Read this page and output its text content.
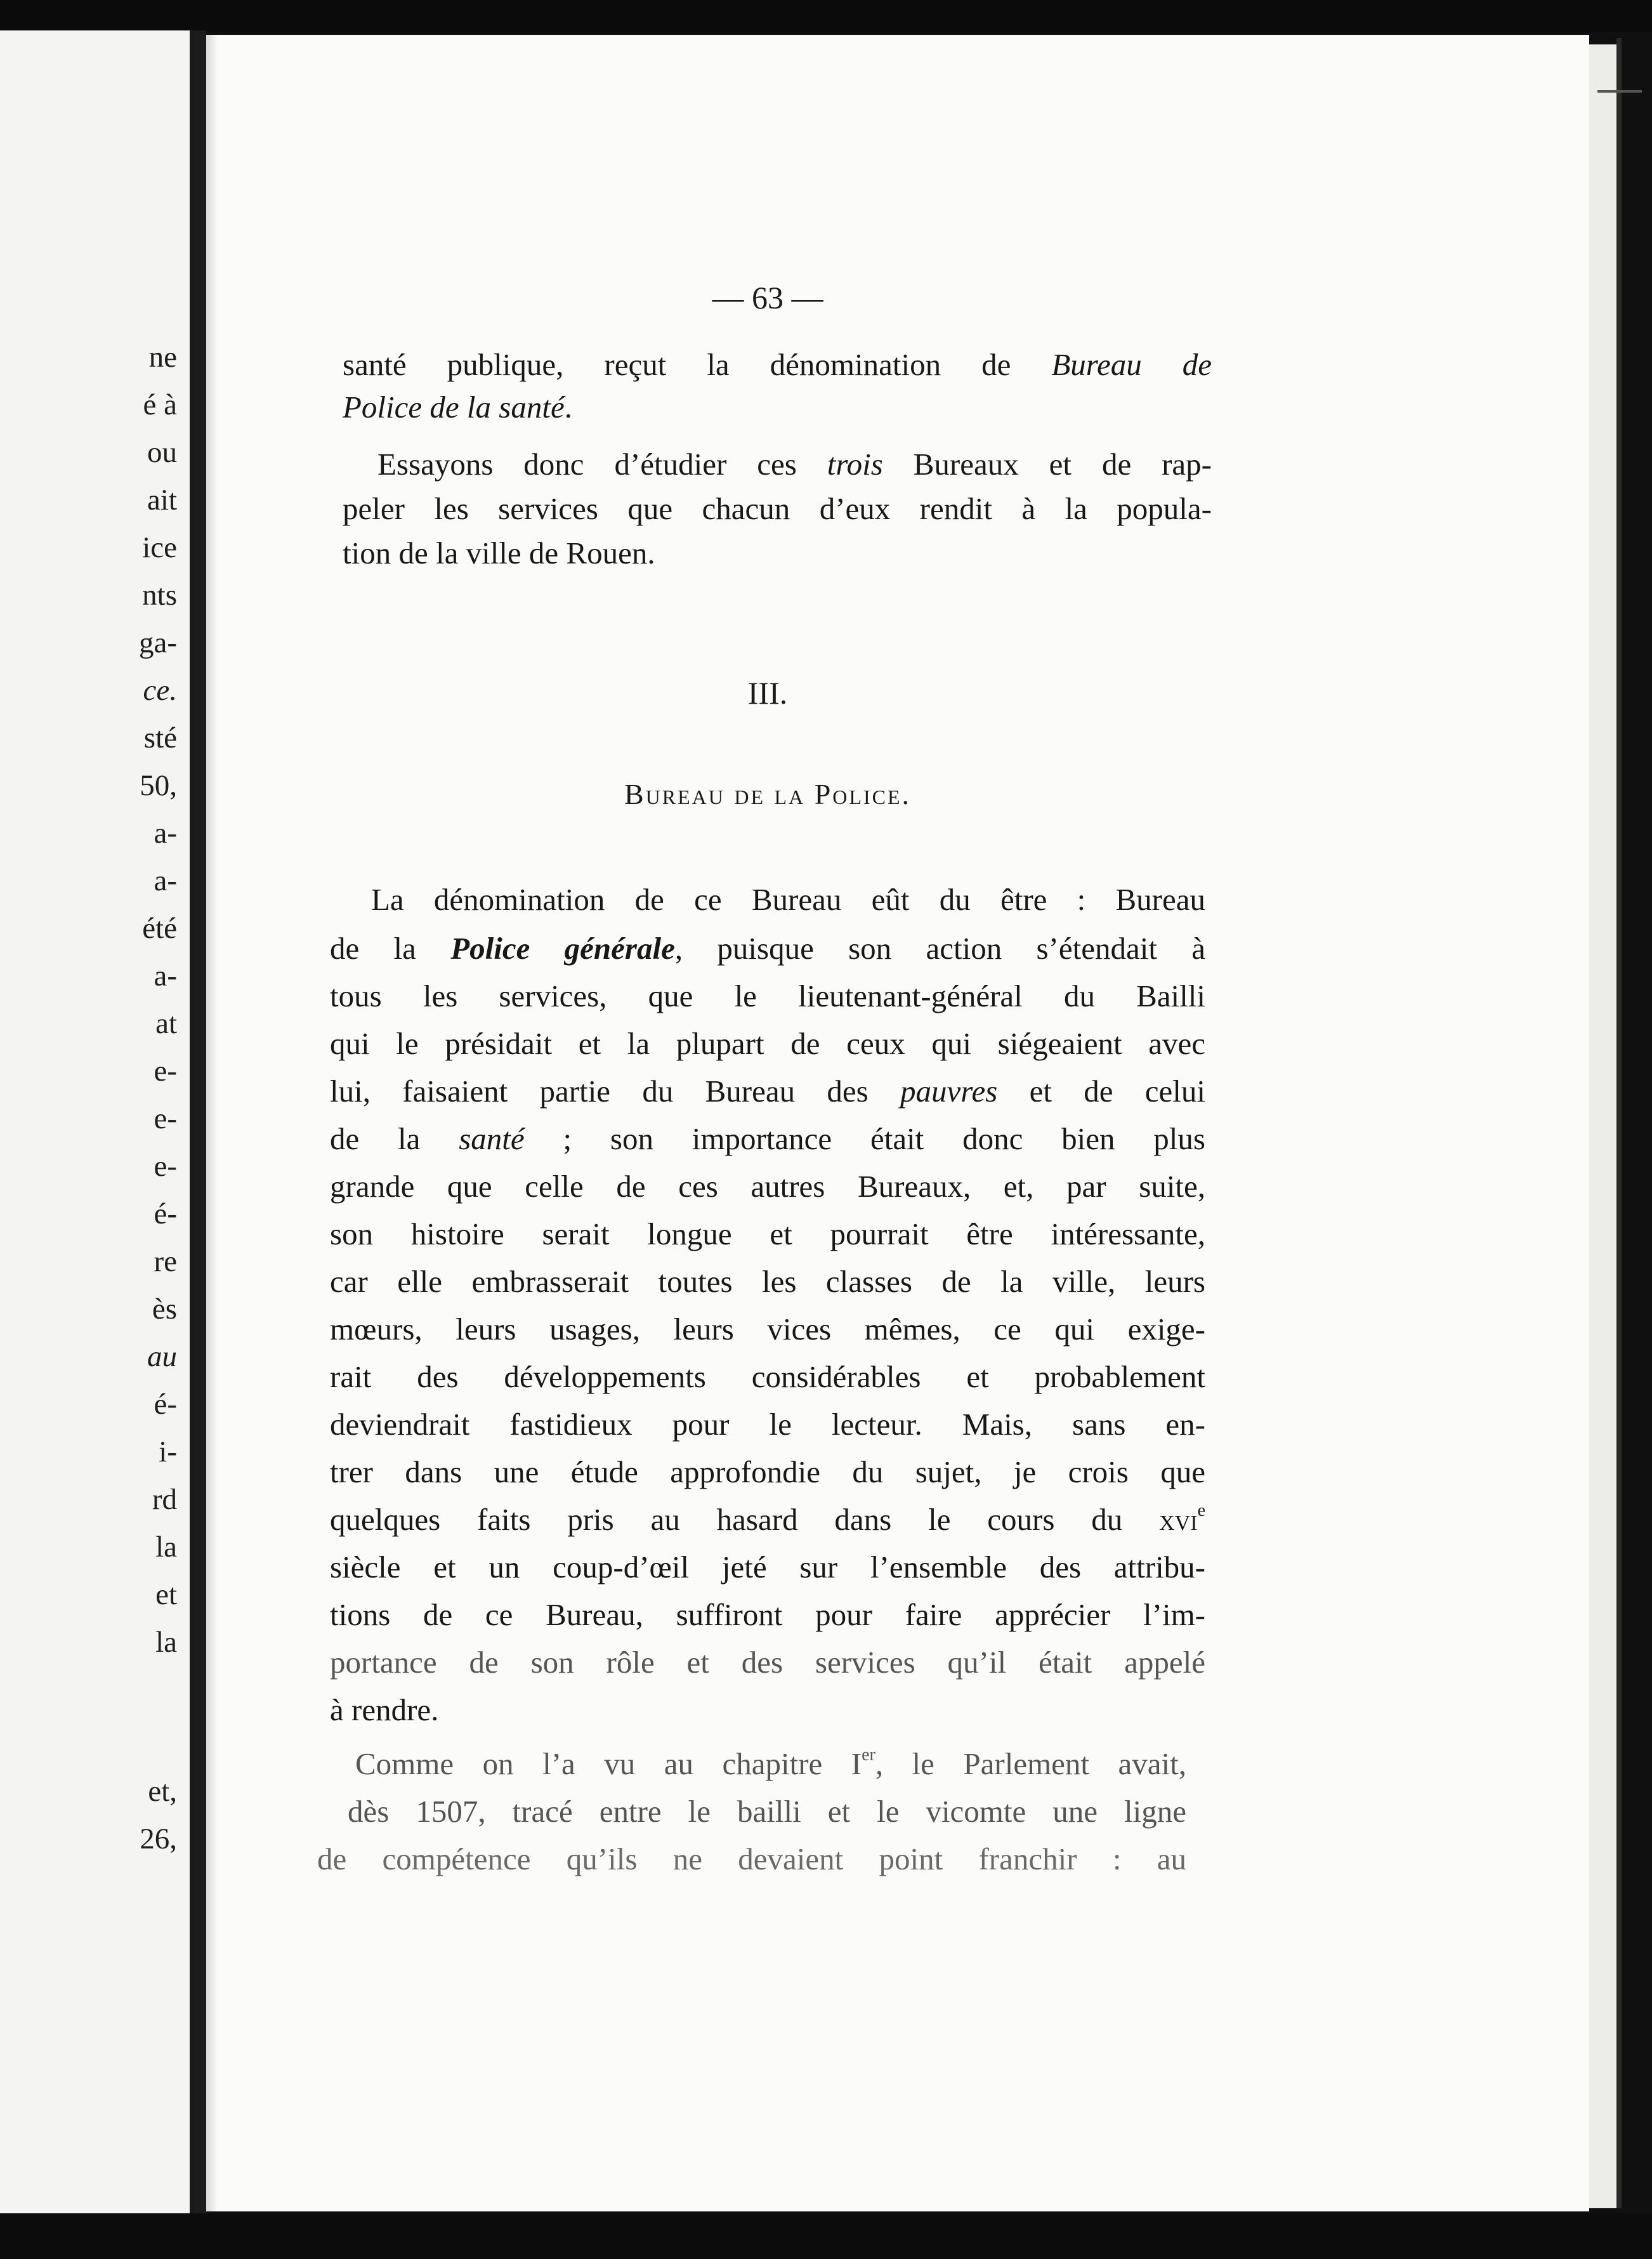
ne
é à
ou
ait
ice
nts
ga-
ce.
sté
50,
a-
a-
été
a-
at
e-
e-
e-
é-
re
ès
au
é-
i-
rd
la
et
la
et,
26,
— 63 —
santé publique, reçut la dénomination de Bureau de
Police de la santé.
Essayons donc d’étudier ces trois Bureaux et de rap-
peler les services que chacun d’eux rendit à la popula-
tion de la ville de Rouen.
III.
Bureau de la Police.
La dénomination de ce Bureau eût du être : Bureau
de la Police générale, puisque son action s’étendait à
tous les services, que le lieutenant-général du Bailli
qui le présidait et la plupart de ceux qui siégeaient avec
lui, faisaient partie du Bureau des pauvres et de celui
de la santé ; son importance était donc bien plus
grande que celle de ces autres Bureaux, et, par suite,
son histoire serait longue et pourrait être intéressante,
car elle embrasserait toutes les classes de la ville, leurs
mœurs, leurs usages, leurs vices mêmes, ce qui exige-
rait des développements considérables et probablement
deviendrait fastidieux pour le lecteur. Mais, sans en-
trer dans une étude approfondie du sujet, je crois que
quelques faits pris au hasard dans le cours du xvi$^e$
siècle et un coup-d’œil jeté sur l’ensemble des attribu-
tions de ce Bureau, suffiront pour faire apprécier l’im-
portance de son rôle et des services qu’il était appelé
à rendre.
Comme on l’a vu au chapitre Ier, le Parlement avait,
dès 1507, tracé entre le bailli et le vicomte une ligne
de compétence qu’ils ne devaient point franchir : au
